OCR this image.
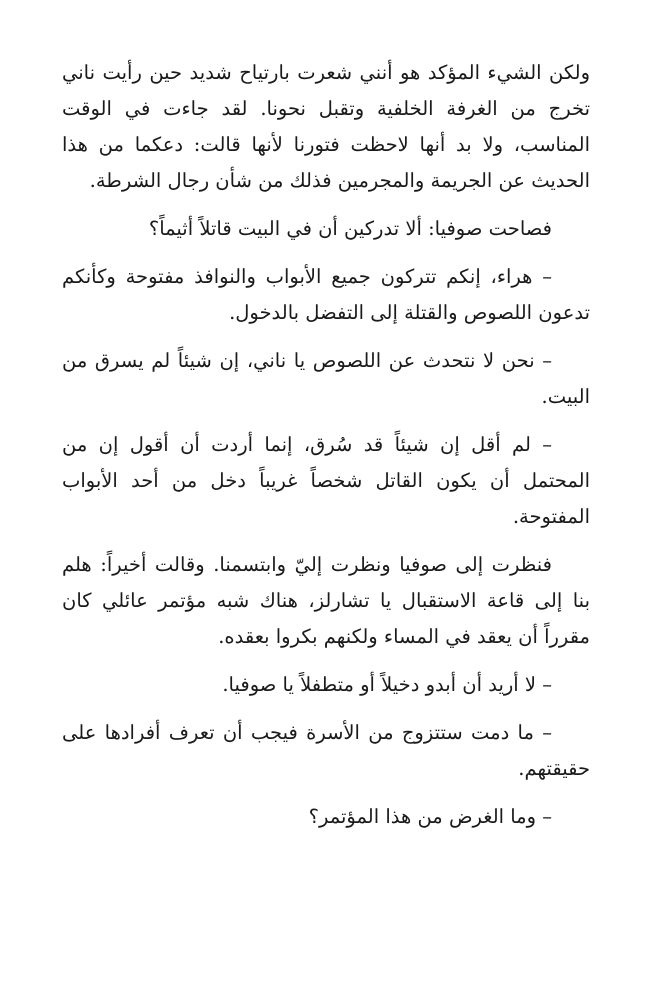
ولكن الشيء المؤكد هو أنني شعرت بارتياح شديد حين رأيت ناني تخرج من الغرفة الخلفية وتقبل نحونا. لقد جاءت في الوقت المناسب، ولا بد أنها لاحظت فتورنا لأنها قالت: دعكما من هذا الحديث عن الجريمة والمجرمين فذلك من شأن رجال الشرطة.

فصاحت صوفيا: ألا تدركين أن في البيت قاتلاً أثيماً؟

– هراء، إنكم تتركون جميع الأبواب والنوافذ مفتوحة وكأنكم تدعون اللصوص والقتلة إلى التفضل بالدخول.

– نحن لا نتحدث عن اللصوص يا ناني، إن شيئاً لم يسرق من البيت.

– لم أقل إن شيئاً قد سُرق، إنما أردت أن أقول إن من المحتمل أن يكون القاتل شخصاً غريباً دخل من أحد الأبواب المفتوحة.

فنظرت إلى صوفيا ونظرت إليّ وابتسمنا. وقالت أخيراً: هلم بنا إلى قاعة الاستقبال يا تشارلز، هناك شبه مؤتمر عائلي كان مقرراً أن يعقد في المساء ولكنهم بكروا بعقده.

– لا أريد أن أبدو دخيلاً أو متطفلاً يا صوفيا.

– ما دمت ستتزوج من الأسرة فيجب أن تعرف أفرادها على حقيقتهم.

– وما الغرض من هذا المؤتمر؟
